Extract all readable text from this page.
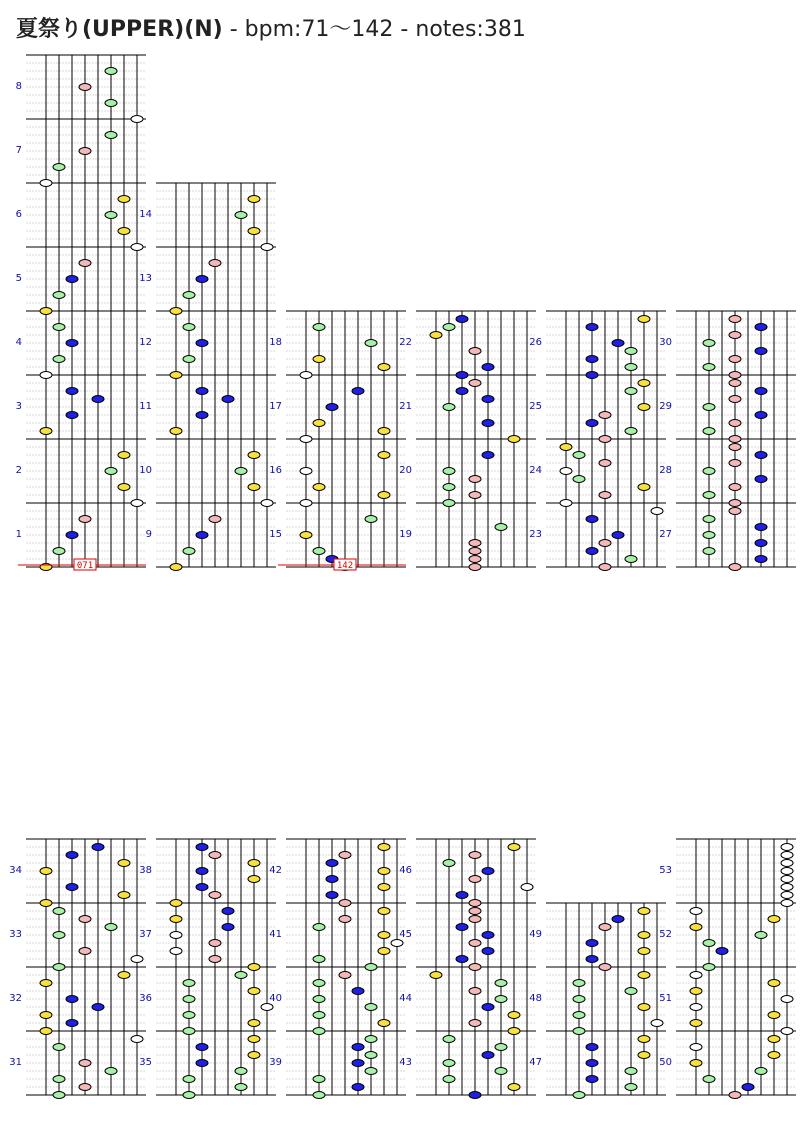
夏祭り(UPPER)(N) - bpm:71〜142 - notes:381
1
2
3
4
5
6
7
8
9
10
11
12
13
14
15
16
17
18
19
20
21
22
23
24
25
26
27
28
29
30
31
32
33
34
35
36
37
38
39
40
41
42
43
44
45
46
47
48
49
50
51
52
53
071	142
